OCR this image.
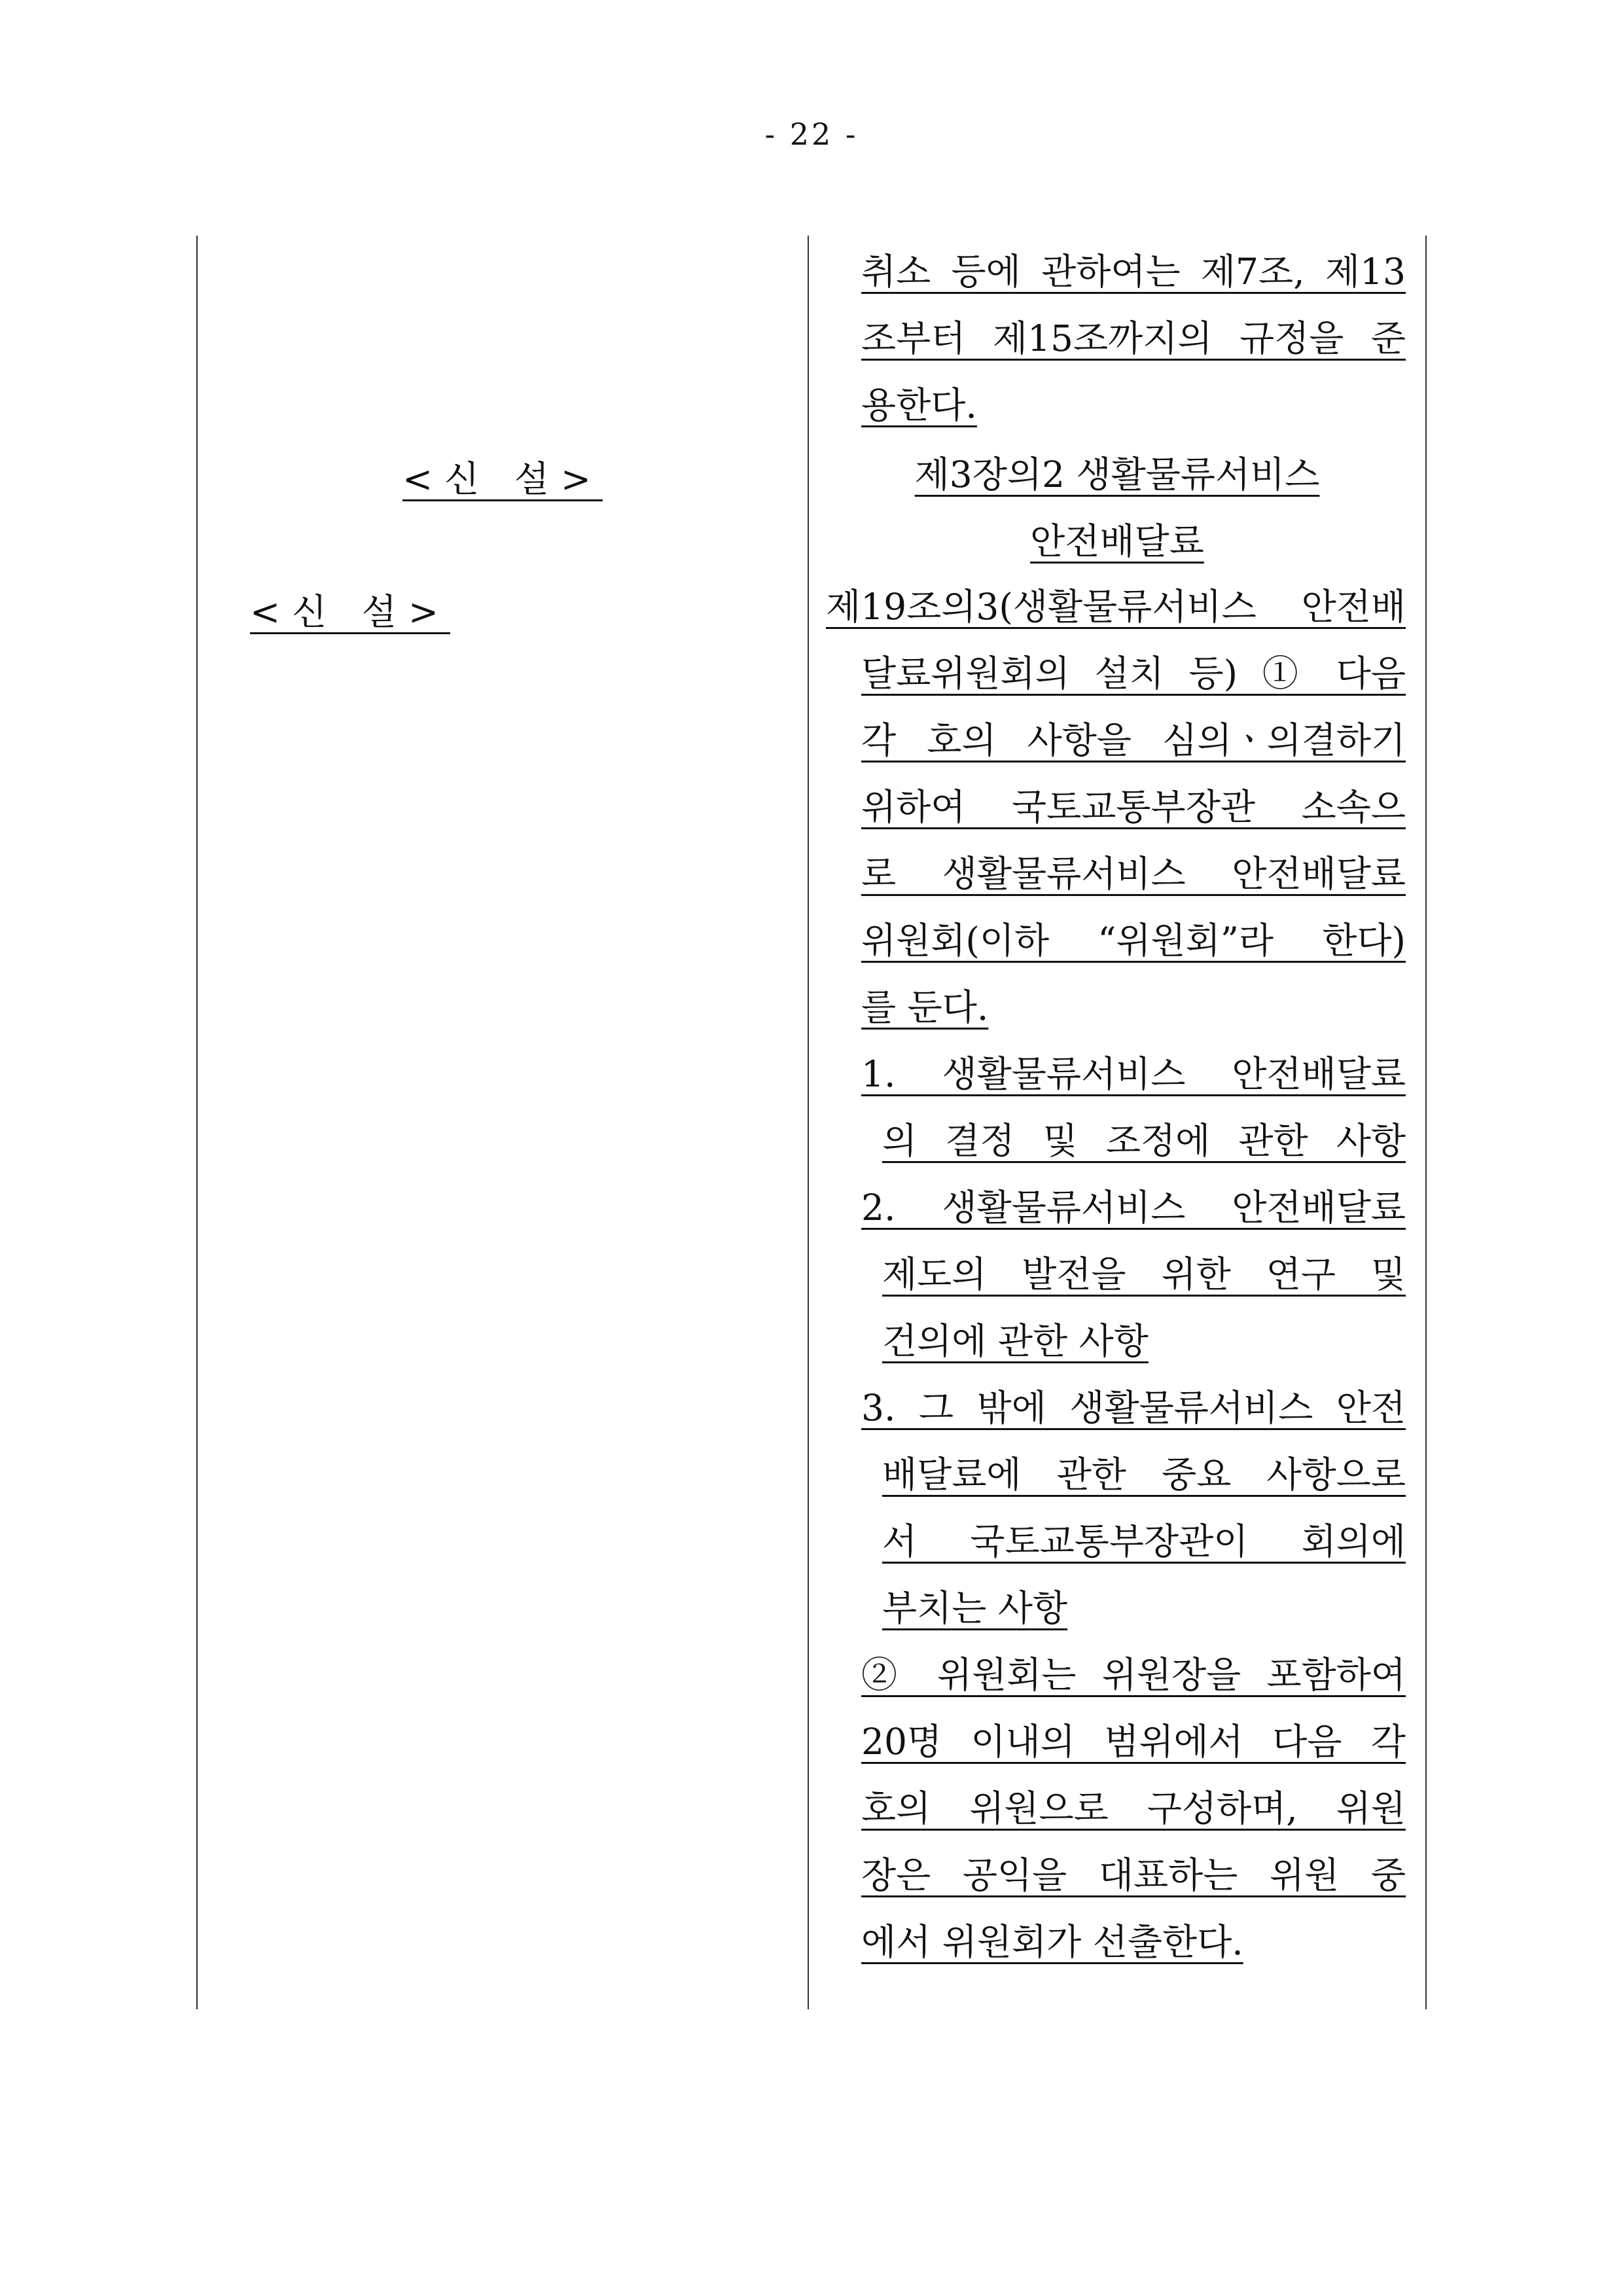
- 22 -
<신 설>
<신 설>
취소 등에 관하여는 제7조, 제13
조부터 제15조까지의 규정을 준
용한다.
제3장의2 생활물류서비스
안전배달료
제19조의3(생활물류서비스 안전배
달료위원회의 설치 등) ① 다음
각 호의 사항을 심의ㆍ의결하기
위하여 국토교통부장관 소속으
로 생활물류서비스 안전배달료
위원회(이하 “위원회”라 한다)
를 둔다.
1. 생활물류서비스 안전배달료
의 결정 및 조정에 관한 사항
2. 생활물류서비스 안전배달료
제도의 발전을 위한 연구 및
건의에 관한 사항
3. 그 밖에 생활물류서비스 안전
배달료에 관한 중요 사항으로
서 국토교통부장관이 회의에
부치는 사항
② 위원회는 위원장을 포함하여
20명 이내의 범위에서 다음 각
호의 위원으로 구성하며, 위원
장은 공익을 대표하는 위원 중
에서 위원회가 선출한다.
